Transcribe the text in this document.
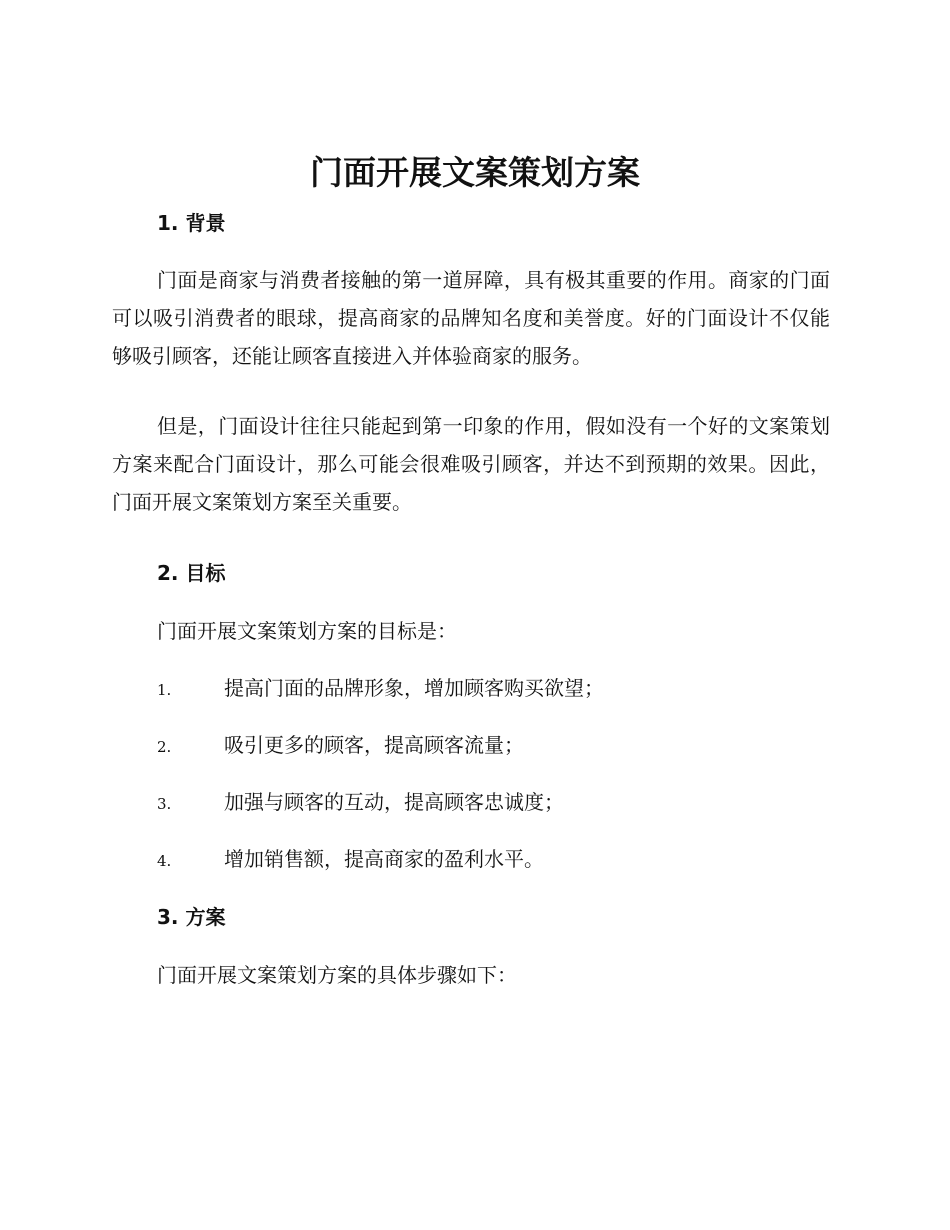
门面开展文案策划方案
1. 背景

门面是商家与消费者接触的第一道屏障，具有极其重要的作用。商家的门面可以吸引消费者的眼球，提高商家的品牌知名度和美誉度。好的门面设计不仅能够吸引顾客，还能让顾客直接进入并体验商家的服务。

但是，门面设计往往只能起到第一印象的作用，假如没有一个好的文案策划方案来配合门面设计，那么可能会很难吸引顾客，并达不到预期的效果。因此，门面开展文案策划方案至关重要。

2. 目标

门面开展文案策划方案的目标是：

1.	提高门面的品牌形象，增加顾客购买欲望；
2.	吸引更多的顾客，提高顾客流量；
3.	加强与顾客的互动，提高顾客忠诚度；
4.	增加销售额，提高商家的盈利水平。
3. 方案

门面开展文案策划方案的具体步骤如下：
